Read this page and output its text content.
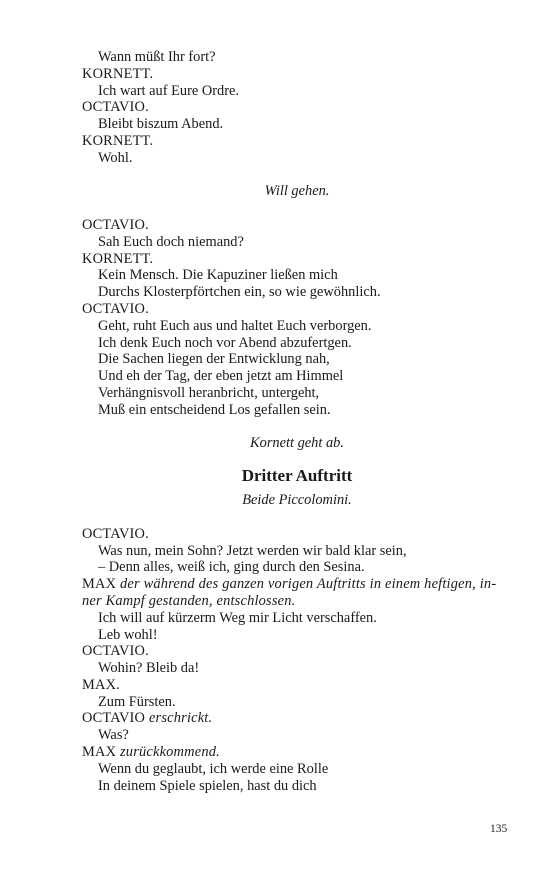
Wann müßt Ihr fort?
KORNETT.
Ich wart auf Eure Ordre.
OCTAVIO.
Bleibt biszum Abend.
KORNETT.
Wohl.
Will gehen.
OCTAVIO.
Sah Euch doch niemand?
KORNETT.
Kein Mensch. Die Kapuziner ließen mich
Durchs Klosterpförtchen ein, so wie gewöhnlich.
OCTAVIO.
Geht, ruht Euch aus und haltet Euch verborgen.
Ich denk Euch noch vor Abend abzufertgen.
Die Sachen liegen der Entwicklung nah,
Und eh der Tag, der eben jetzt am Himmel
Verhängnisvoll heranbricht, untergeht,
Muß ein entscheidend Los gefallen sein.
Kornett geht ab.
Dritter Auftritt
Beide Piccolomini.
OCTAVIO.
Was nun, mein Sohn? Jetzt werden wir bald klar sein,
– Denn alles, weiß ich, ging durch den Sesina.
MAX der während des ganzen vorigen Auftritts in einem heftigen, in-
ner Kampf gestanden, entschlossen.
Ich will auf kürzerm Weg mir Licht verschaffen.
Leb wohl!
OCTAVIO.
Wohin? Bleib da!
MAX.
Zum Fürsten.
OCTAVIO erschrickt.
Was?
MAX zurückkommend.
Wenn du geglaubt, ich werde eine Rolle
In deinem Spiele spielen, hast du dich
135
